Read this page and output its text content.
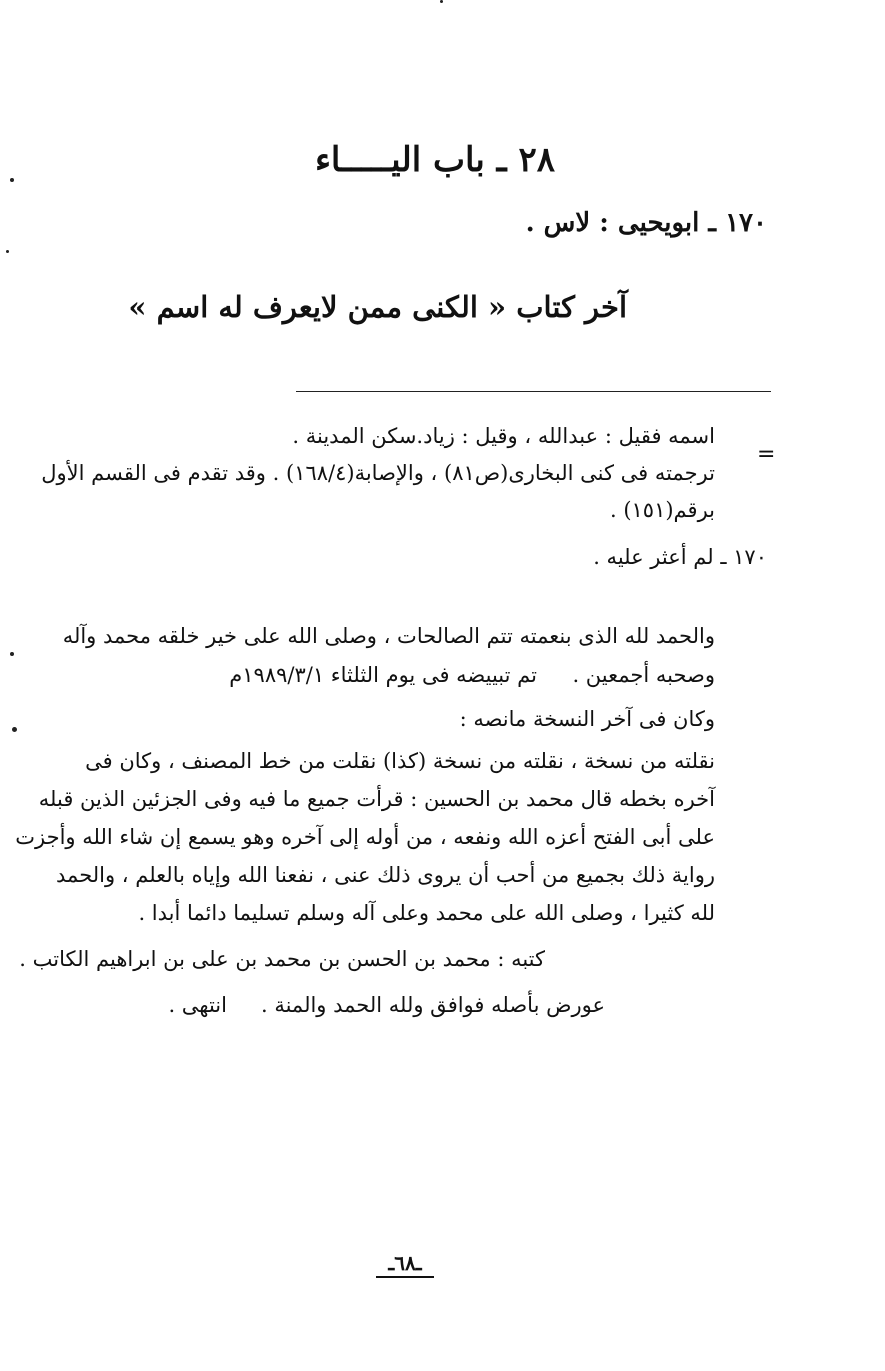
٢٨ ـ باب اليـــــاء
١٧٠ ـ ابويحيى : لاس .
آخر كتاب « الكنى ممن لايعرف له اسم »
=
اسمه فقيل : عبدالله ، وقيل : زياد.سكن المدينة .
ترجمته فى كنى البخارى(ص٨١) ، والإصابة(١٦٨/٤) . وقد تقدم فى القسم الأول
برقم(١٥١) .
١٧٠ ـ لم أعثر عليه .
والحمد لله الذى بنعمته تتم الصالحات ، وصلى الله على خير خلقه محمد وآله
وصحبه أجمعين .
تم تبييضه فى يوم الثلثاء ١٩٨٩/٣/١م
وكان فى آخر النسخة مانصه :
نقلته من نسخة ، نقلته من نسخة (كذا) نقلت من خط المصنف ، وكان فى
آخره بخطه قال محمد بن الحسين : قرأت جميع ما فيه وفى الجزئين الذين قبله
على أبى الفتح أعزه الله ونفعه ، من أوله إلى آخره وهو يسمع إن شاء الله وأجزت
رواية ذلك بجميع من أحب أن يروى ذلك عنى ، نفعنا الله وإياه بالعلم ، والحمد
لله كثيرا ، وصلى الله على محمد وعلى آله وسلم تسليما دائما أبدا .
كتبه : محمد بن الحسن بن محمد بن على بن ابراهيم الكاتب .
عورض بأصله فوافق ولله الحمد والمنة .
انتهى .
ـ٦٨ـ
